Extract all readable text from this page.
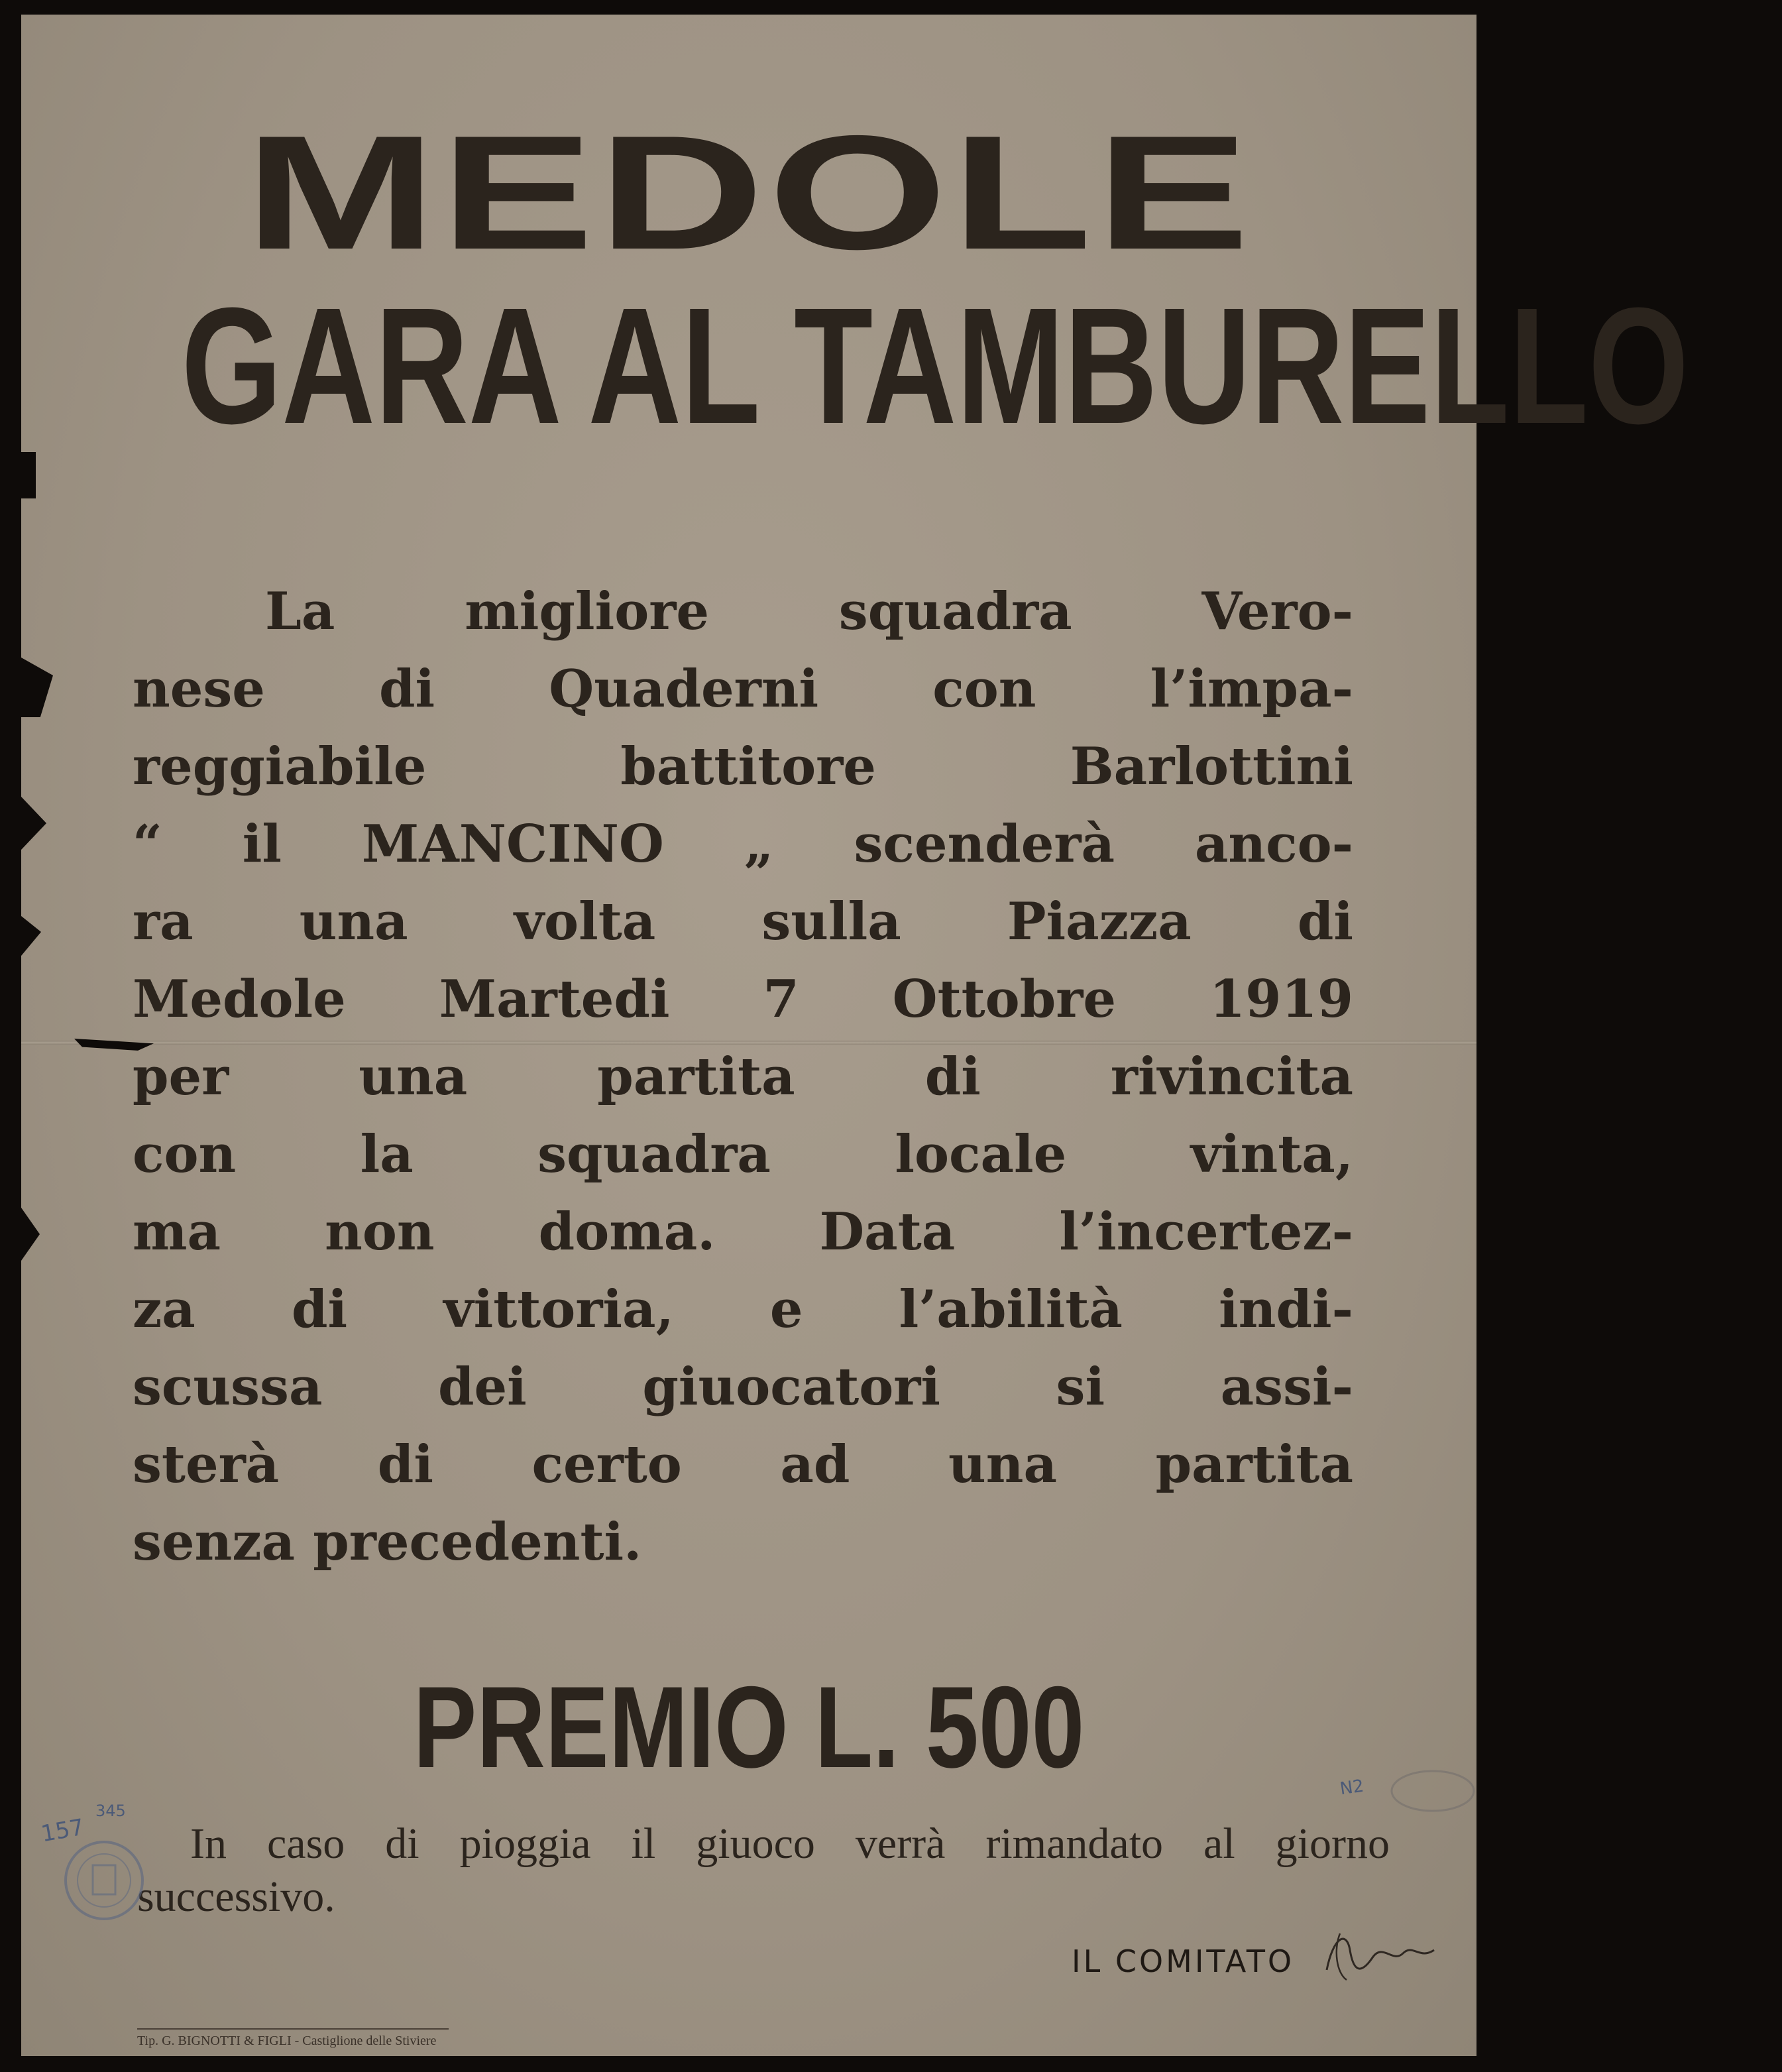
MEDOLE
GARA AL TAMBURELLO
La migliore squadra Vero-
nese di Quaderni con l’impa-
reggiabile battitore Barlottini
“ il MANCINO „ scenderà anco-
ra una volta sulla Piazza di
Medole Martedi 7 Ottobre 1919
per una partita di rivincita
con la squadra locale vinta,
ma non doma. Data l’incertez-
za di vittoria, e l’abilità indi-
scussa dei giuocatori si assi-
sterà di certo ad una partita
senza precedenti.
PREMIO L. 500
In caso di pioggia il giuoco verrà rimandato al giorno
successivo.
IL COMITATO
Tip. G. BIGNOTTI & FIGLI - Castiglione delle Stiviere
157
345
N2
